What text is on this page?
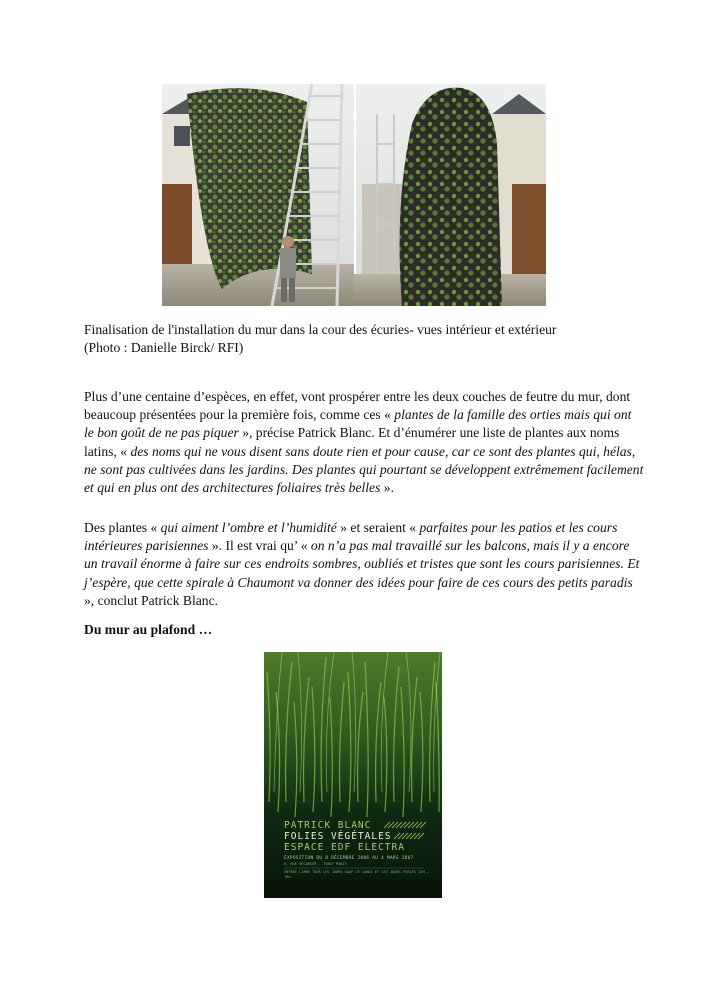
Finalisation de l'installation du mur dans la cour des écuries- vues intérieur et extérieur
(Photo : Danielle Birck/ RFI)

Plus d’une centaine d’espèces, en effet, vont prospérer entre les deux couches de feutre du mur, dont beaucoup présentées pour la première fois, comme ces « plantes de la famille des orties mais qui ont le bon goût de ne pas piquer », précise Patrick Blanc. Et d’énumérer une liste de plantes aux noms latins, « des noms qui ne vous disent sans doute rien et pour cause, car ce sont des plantes qui, hélas, ne sont pas cultivées dans les jardins. Des plantes qui pourtant se développent extrêmement facilement et qui en plus ont des architectures foliaires très belles ».

Des plantes « qui aiment l’ombre et l’humidité » et seraient « parfaites pour les patios et les cours intérieures parisiennes ». Il est vrai qu’ « on n’a pas mal travaillé sur les balcons, mais il y a encore un travail énorme à faire sur ces endroits sombres, oubliés et tristes que sont les cours parisiennes. Et j’espère, que cette spirale à Chaumont va donner des idées pour faire de ces cours des petits paradis », conclut Patrick Blanc.

Du mur au plafond …
PATRICK BLANC
FOLIES VÉGÉTALES
ESPACE EDF ELECTRA
EXPOSITION DU 8 DÉCEMBRE 2006 AU 4 MARS 2007
6, RUE RÉCAMIER – 75007 PARIS
ENTRÉE LIBRE TOUS LES JOURS SAUF LE LUNDI ET LES JOURS FÉRIÉS 12H – 19H
